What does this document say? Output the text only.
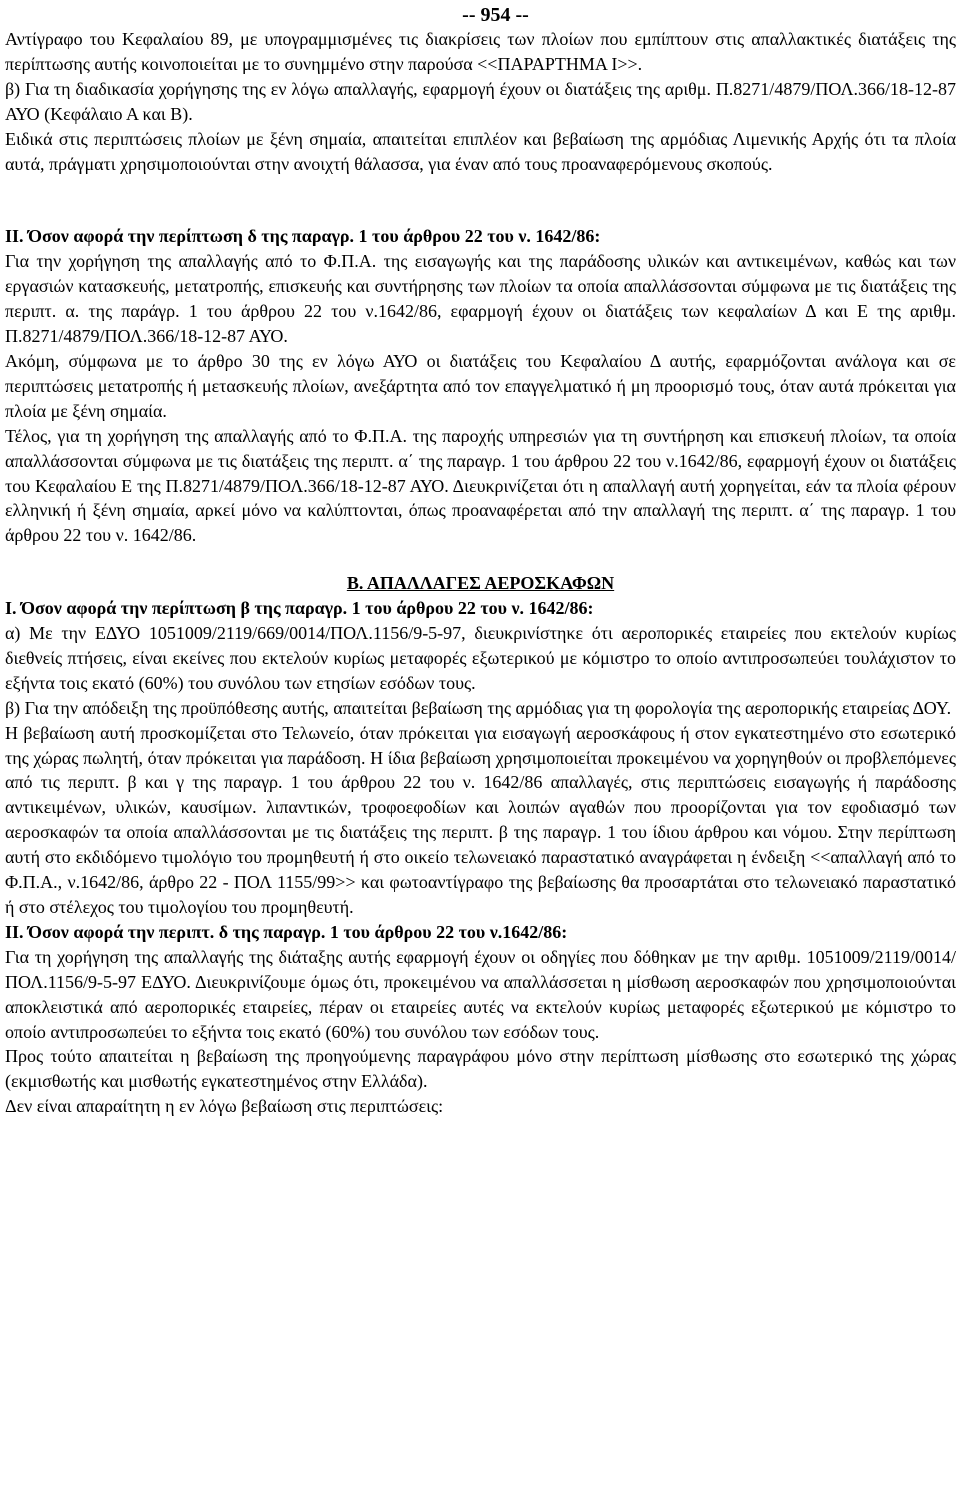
-- 954 --

Αντίγραφο του Κεφαλαίου 89, με υπογραμμισμένες τις διακρίσεις των πλοίων που εμπίπτουν στις απαλλακτικές διατάξεις της περίπτωσης αυτής κοινοποιείται με το συνημμένο στην παρούσα <<ΠΑΡΑΡΤΗΜΑ Ι>>.

β) Για τη διαδικασία χορήγησης της εν λόγω απαλλαγής, εφαρμογή έχουν οι διατάξεις της αριθμ. Π.8271/4879/ΠΟΛ.366/18-12-87 ΑΥΟ (Κεφάλαιο Α και Β).

Ειδικά στις περιπτώσεις πλοίων με ξένη σημαία, απαιτείται επιπλέον και βεβαίωση της αρμόδιας Λιμενικής Αρχής ότι τα πλοία αυτά, πράγματι χρησιμοποιούνται στην ανοιχτή θάλασσα, για έναν από τους προαναφερόμενους σκοπούς.

ΙΙ. Όσον αφορά την περίπτωση δ της παραγρ. 1 του άρθρου 22 του ν. 1642/86:

Για την χορήγηση της απαλλαγής από το Φ.Π.Α. της εισαγωγής και της παράδοσης υλικών και αντικειμένων, καθώς και των εργασιών κατασκευής, μετατροπής, επισκευής και συντήρησης των πλοίων τα οποία απαλλάσσονται σύμφωνα με τις διατάξεις της περιπτ. α. της παράγρ. 1 του άρθρου 22 του ν.1642/86, εφαρμογή έχουν οι διατάξεις των κεφαλαίων Δ και Ε της αριθμ. Π.8271/4879/ΠΟΛ.366/18-12-87 ΑΥΟ.

Ακόμη, σύμφωνα με το άρθρο 30 της εν λόγω ΑΥΟ οι διατάξεις του Κεφαλαίου Δ αυτής, εφαρμόζονται ανάλογα και σε περιπτώσεις μετατροπής ή μετασκευής πλοίων, ανεξάρτητα από τον επαγγελματικό ή μη προορισμό τους, όταν αυτά πρόκειται για πλοία με ξένη σημαία.

Τέλος, για τη χορήγηση της απαλλαγής από το Φ.Π.Α. της παροχής υπηρεσιών για τη συντήρηση και επισκευή πλοίων, τα οποία απαλλάσσονται σύμφωνα με τις διατάξεις της περιπτ. α΄ της παραγρ. 1 του άρθρου 22 του ν.1642/86, εφαρμογή έχουν οι διατάξεις του Κεφαλαίου Ε της Π.8271/4879/ΠΟΛ.366/18-12-87 ΑΥΟ. Διευκρινίζεται ότι η απαλλαγή αυτή χορηγείται, εάν τα πλοία φέρουν ελληνική ή ξένη σημαία, αρκεί μόνο να καλύπτονται, όπως προαναφέρεται από την απαλλαγή της περιπτ. α΄ της παραγρ. 1 του άρθρου 22 του ν. 1642/86.

Β. ΑΠΑΛΛΑΓΕΣ ΑΕΡΟΣΚΑΦΩΝ

Ι. Όσον αφορά την περίπτωση β της παραγρ. 1 του άρθρου 22 του ν. 1642/86:

α) Με την ΕΔΥΟ 1051009/2119/669/0014/ΠΟΛ.1156/9-5-97, διευκρινίστηκε ότι αεροπορικές εταιρείες που εκτελούν κυρίως διεθνείς πτήσεις, είναι εκείνες που εκτελούν κυρίως μεταφορές εξωτερικού με κόμιστρο το οποίο αντιπροσωπεύει τουλάχιστον το εξήντα τοις εκατό (60%) του συνόλου των ετησίων εσόδων τους.

β) Για την απόδειξη της προϋπόθεσης αυτής, απαιτείται βεβαίωση της αρμόδιας για τη φορολογία της αεροπορικής εταιρείας ΔΟΥ.

Η βεβαίωση αυτή προσκομίζεται στο Τελωνείο, όταν πρόκειται για εισαγωγή αεροσκάφους ή στον εγκατεστημένο στο εσωτερικό της χώρας πωλητή, όταν πρόκειται για παράδοση. Η ίδια βεβαίωση χρησιμοποιείται προκειμένου να χορηγηθούν οι προβλεπόμενες από τις περιπτ. β και γ της παραγρ. 1 του άρθρου 22 του ν. 1642/86 απαλλαγές, στις περιπτώσεις εισαγωγής ή παράδοσης αντικειμένων, υλικών, καυσίμων. λιπαντικών, τροφοεφοδίων και λοιπών αγαθών που προορίζονται για τον εφοδιασμό των αεροσκαφών τα οποία απαλλάσσονται με τις διατάξεις της περιπτ. β της παραγρ. 1 του ίδιου άρθρου και νόμου. Στην περίπτωση αυτή στο εκδιδόμενο τιμολόγιο του προμηθευτή ή στο οικείο τελωνειακό παραστατικό αναγράφεται η ένδειξη <<απαλλαγή από το Φ.Π.Α., ν.1642/86, άρθρο 22 - ΠΟΛ 1155/99>> και φωτοαντίγραφο της βεβαίωσης θα προσαρτάται στο τελωνειακό παραστατικό ή στο στέλεχος του τιμολογίου του προμηθευτή.

ΙΙ. Όσον αφορά την περιπτ. δ της παραγρ. 1 του άρθρου 22 του ν.1642/86:

Για τη χορήγηση της απαλλαγής της διάταξης αυτής εφαρμογή έχουν οι οδηγίες που δόθηκαν με την αριθμ. 1051009/2119/0014/ΠΟΛ.1156/9-5-97 ΕΔΥΟ. Διευκρινίζουμε όμως ότι, προκειμένου να απαλλάσσεται η μίσθωση αεροσκαφών που χρησιμοποιούνται αποκλειστικά από αεροπορικές εταιρείες, πέραν οι εταιρείες αυτές να εκτελούν κυρίως μεταφορές εξωτερικού με κόμιστρο το οποίο αντιπροσωπεύει το εξήντα τοις εκατό (60%) του συνόλου των εσόδων τους.

Προς τούτο απαιτείται η βεβαίωση της προηγούμενης παραγράφου μόνο στην περίπτωση μίσθωσης στο εσωτερικό της χώρας (εκμισθωτής και μισθωτής εγκατεστημένος στην Ελλάδα).

Δεν είναι απαραίτητη η εν λόγω βεβαίωση στις περιπτώσεις:
